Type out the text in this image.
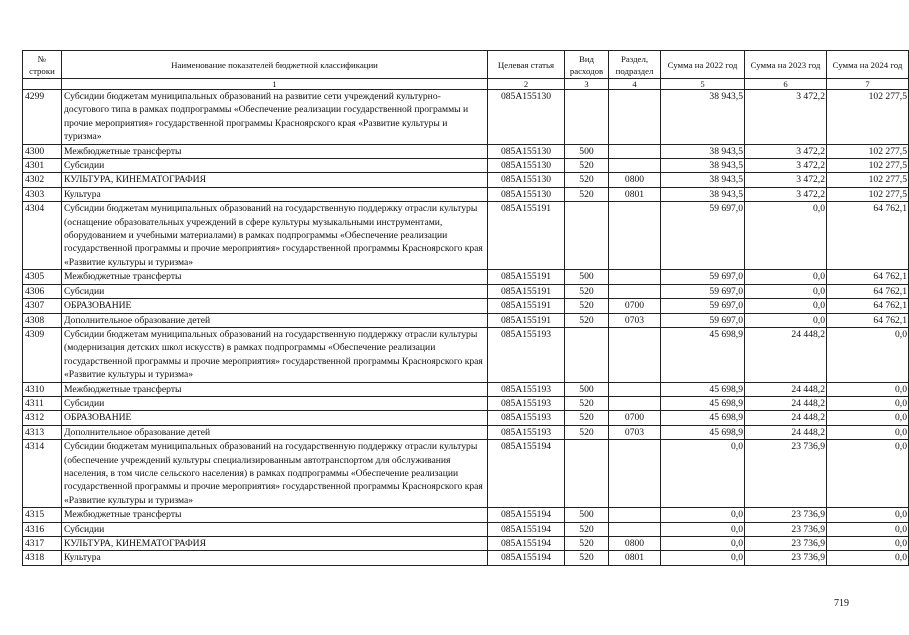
№ строки	Наименование показателей бюджетной классификации	Целевая статья	Вид расходов	Раздел, подраздел	Сумма на 2022 год	Сумма на 2023 год	Сумма на 2024 год
	1	2	3	4	5	6	7
4299	Субсидии бюджетам муниципальных образований на развитие сети учреждений культурно-досугового типа в рамках подпрограммы «Обеспечение реализации государственной программы и прочие мероприятия» государственной программы Красноярского края «Развитие культуры и туризма»	085А155130			38 943,5	3 472,2	102 277,5
4300	Межбюджетные трансферты	085А155130	500		38 943,5	3 472,2	102 277,5
4301	Субсидии	085А155130	520		38 943,5	3 472,2	102 277,5
4302	КУЛЬТУРА, КИНЕМАТОГРАФИЯ	085А155130	520	0800	38 943,5	3 472,2	102 277,5
4303	Культура	085А155130	520	0801	38 943,5	3 472,2	102 277,5
4304	Субсидии бюджетам муниципальных образований на государственную поддержку отрасли культуры (оснащение образовательных учреждений в сфере культуры музыкальными инструментами, оборудованием и учебными материалами) в рамках подпрограммы «Обеспечение реализации государственной программы и прочие мероприятия» государственной программы Красноярского края «Развитие культуры и туризма»	085А155191			59 697,0	0,0	64 762,1
4305	Межбюджетные трансферты	085А155191	500		59 697,0	0,0	64 762,1
4306	Субсидии	085А155191	520		59 697,0	0,0	64 762,1
4307	ОБРАЗОВАНИЕ	085А155191	520	0700	59 697,0	0,0	64 762,1
4308	Дополнительное образование детей	085А155191	520	0703	59 697,0	0,0	64 762,1
4309	Субсидии бюджетам муниципальных образований на государственную поддержку отрасли культуры (модернизация детских школ искусств) в рамках подпрограммы «Обеспечение реализации государственной программы и прочие мероприятия» государственной программы Красноярского края «Развитие культуры и туризма»	085А155193			45 698,9	24 448,2	0,0
4310	Межбюджетные трансферты	085А155193	500		45 698,9	24 448,2	0,0
4311	Субсидии	085А155193	520		45 698,9	24 448,2	0,0
4312	ОБРАЗОВАНИЕ	085А155193	520	0700	45 698,9	24 448,2	0,0
4313	Дополнительное образование детей	085А155193	520	0703	45 698,9	24 448,2	0,0
4314	Субсидии бюджетам муниципальных образований на государственную поддержку отрасли культуры (обеспечение учреждений культуры специализированным автотранспортом для обслуживания населения, в том числе сельского населения) в рамках подпрограммы «Обеспечение реализации государственной программы и прочие мероприятия» государственной программы Красноярского края «Развитие культуры и туризма»	085А155194			0,0	23 736,9	0,0
4315	Межбюджетные трансферты	085А155194	500		0,0	23 736,9	0,0
4316	Субсидии	085А155194	520		0,0	23 736,9	0,0
4317	КУЛЬТУРА, КИНЕМАТОГРАФИЯ	085А155194	520	0800	0,0	23 736,9	0,0
4318	Культура	085А155194	520	0801	0,0	23 736,9	0,0
719
